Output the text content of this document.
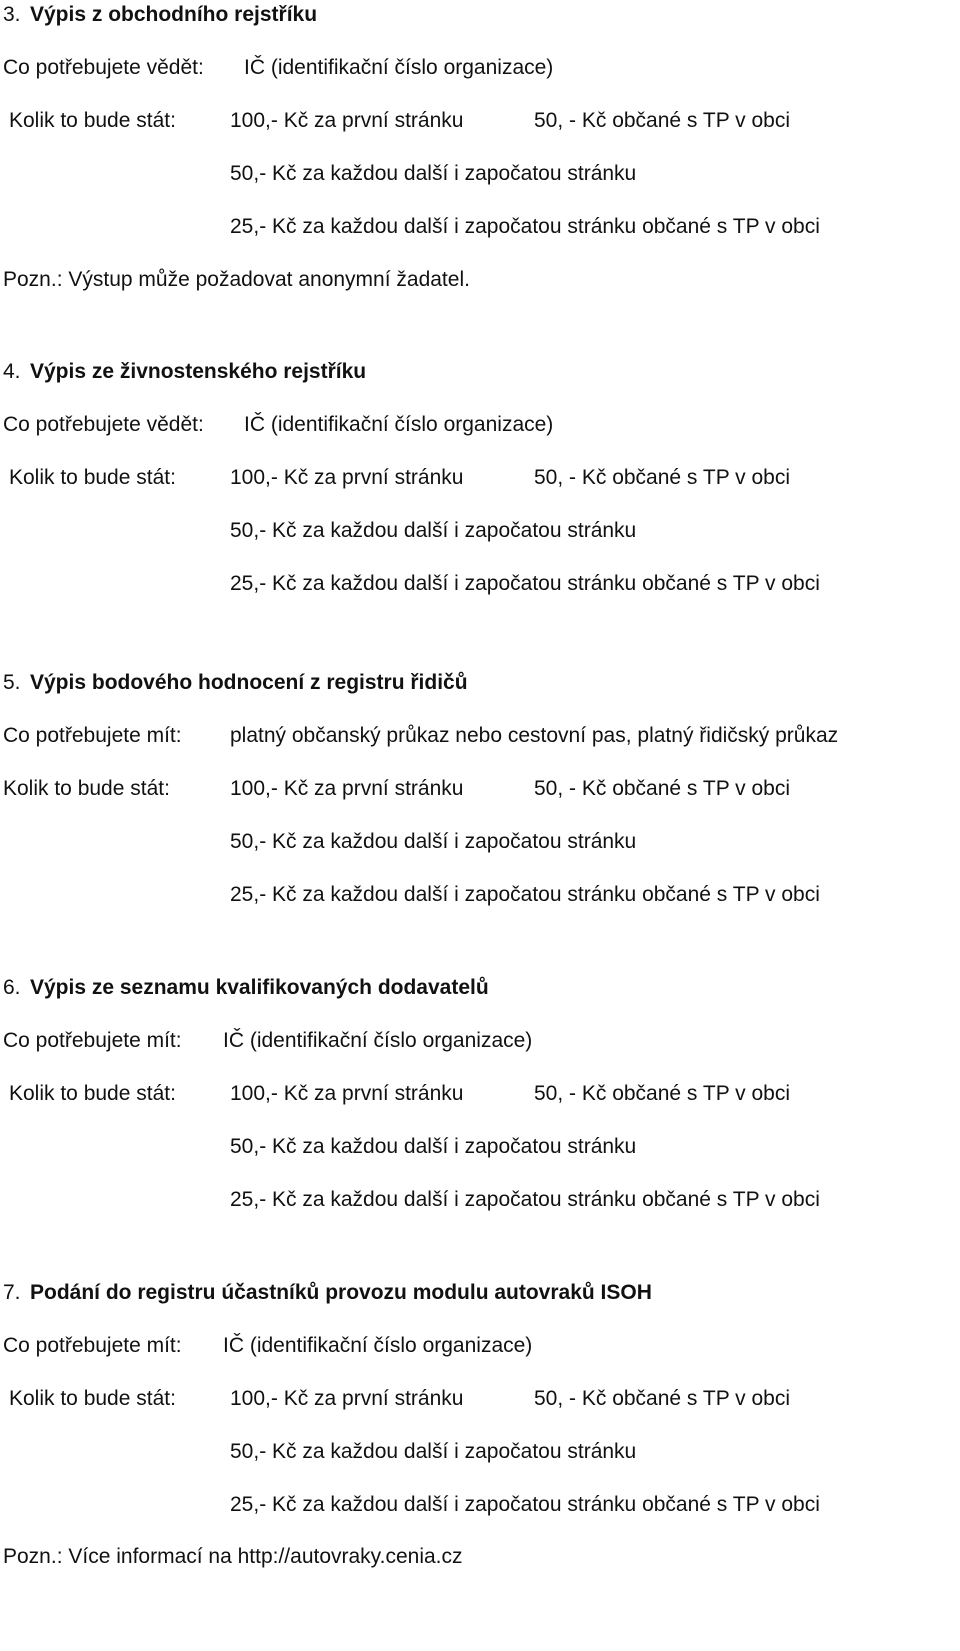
3. Výpis z obchodního rejstříku

Co potřebujete vědět: IČ (identifikační číslo organizace)

Kolik to bude stát:	100,- Kč za první stránku	50, - Kč občané s TP v obci

50,- Kč za každou další i započatou stránku

25,- Kč za každou další i započatou stránku občané s TP v obci

Pozn.: Výstup může požadovat anonymní žadatel.

4. Výpis ze živnostenského rejstříku

Co potřebujete vědět: IČ (identifikační číslo organizace)

Kolik to bude stát:	100,- Kč za první stránku	50, - Kč občané s TP v obci

50,- Kč za každou další i započatou stránku

25,- Kč za každou další i započatou stránku občané s TP v obci

5. Výpis bodového hodnocení z registru řidičů

Co potřebujete mít: platný občanský průkaz nebo cestovní pas, platný řidičský průkaz

Kolik to bude stát:	100,- Kč za první stránku	50, - Kč občané s TP v obci

50,- Kč za každou další i započatou stránku

25,- Kč za každou další i započatou stránku občané s TP v obci

6. Výpis ze seznamu kvalifikovaných dodavatelů

Co potřebujete mít: IČ (identifikační číslo organizace)

Kolik to bude stát:	100,- Kč za první stránku	50, - Kč občané s TP v obci

50,- Kč za každou další i započatou stránku

25,- Kč za každou další i započatou stránku občané s TP v obci

7. Podání do registru účastníků provozu modulu autovraků ISOH

Co potřebujete mít: IČ (identifikační číslo organizace)

Kolik to bude stát:	100,- Kč za první stránku	50, - Kč občané s TP v obci

50,- Kč za každou další i započatou stránku

25,- Kč za každou další i započatou stránku občané s TP v obci

Pozn.: Více informací na http://autovraky.cenia.cz
